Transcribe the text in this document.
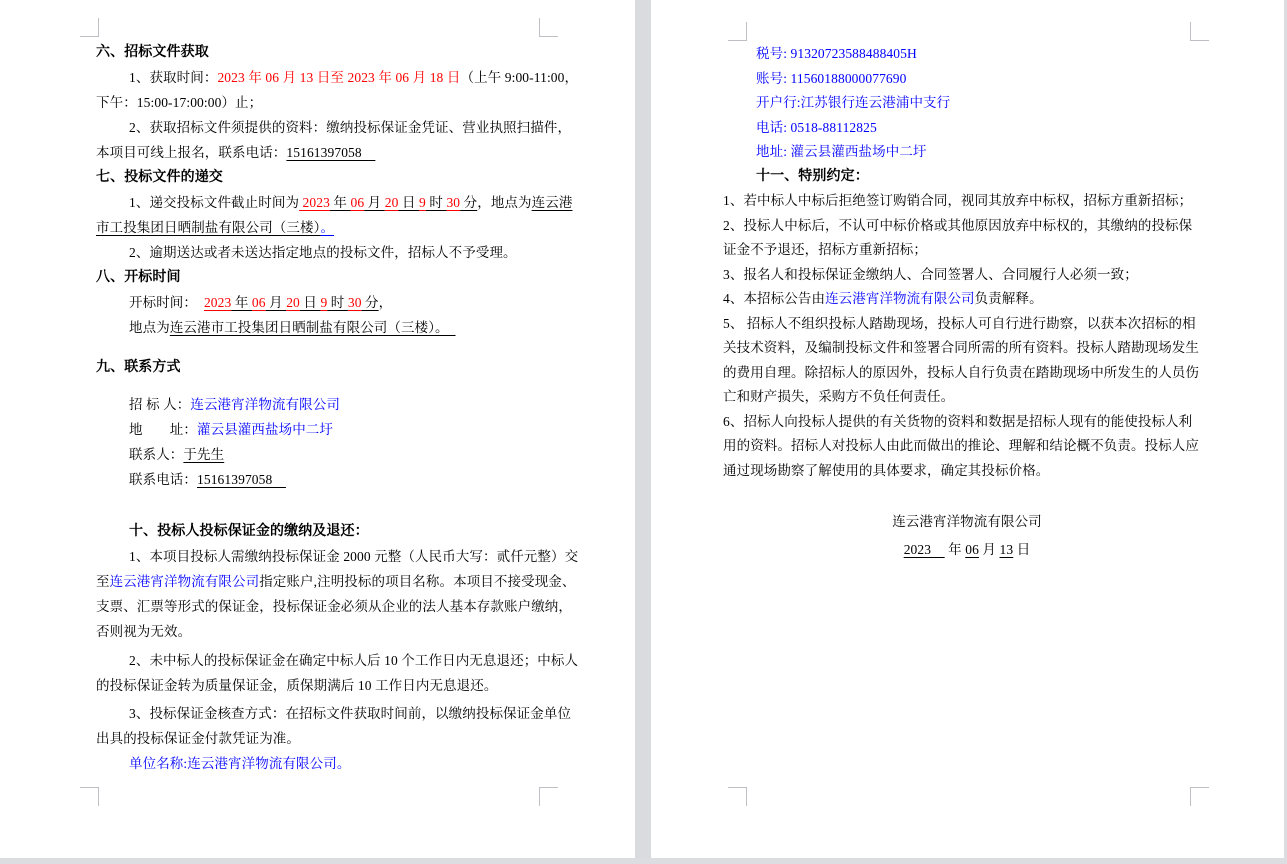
六、招标文件获取
1、获取时间：2023 年 06 月 13 日至 2023 年 06 月 18 日（上午 9:00-11:00，
下午：15:00-17:00:00）止；
2、获取招标文件须提供的资料：缴纳投标保证金凭证、营业执照扫描件，
本项目可线上报名，联系电话：15161397058　
七、投标文件的递交
1、递交投标文件截止时间为 2023 年 06 月 20 日 9 时 30 分，地点为连云港
市工投集团日晒制盐有限公司（三楼）。
2、逾期送达或者未送达指定地点的投标文件，招标人不予受理。
八、开标时间
开标时间：  2023 年 06 月 20 日 9 时 30 分，
地点为连云港市工投集团日晒制盐有限公司（三楼）。　
九、联系方式
招 标 人：连云港宵洋物流有限公司
地　　址：灌云县灌西盐场中二圩
联系人：于先生
联系电话：15161397058　
十、投标人投标保证金的缴纳及退还：
1、本项目投标人需缴纳投标保证金 2000 元整（人民币大写：贰仟元整）交
至连云港宵洋物流有限公司指定账户,注明投标的项目名称。本项目不接受现金、
支票、汇票等形式的保证金，投标保证金必须从企业的法人基本存款账户缴纳，
否则视为无效。
2、未中标人的投标保证金在确定中标人后 10 个工作日内无息退还；中标人
的投标保证金转为质量保证金，质保期满后 10 工作日内无息退还。
3、投标保证金核查方式：在招标文件获取时间前，以缴纳投标保证金单位
出具的投标保证金付款凭证为准。
单位名称:连云港宵洋物流有限公司。
税号: 91320723588488405H
账号: 11560188000077690
开户行:江苏银行连云港浦中支行
电话: 0518-88112825
地址: 灌云县灌西盐场中二圩
十一、特别约定：
1、若中标人中标后拒绝签订购销合同，视同其放弃中标权，招标方重新招标；
2、投标人中标后，不认可中标价格或其他原因放弃中标权的，其缴纳的投标保
证金不予退还，招标方重新招标；
3、报名人和投标保证金缴纳人、合同签署人、合同履行人必须一致；
4、本招标公告由连云港宵洋物流有限公司负责解释。
5、 招标人不组织投标人踏勘现场，投标人可自行进行勘察，以获本次招标的相
关技术资料，及编制投标文件和签署合同所需的所有资料。投标人踏勘现场发生
的费用自理。除招标人的原因外，投标人自行负责在踏勘现场中所发生的人员伤
亡和财产损失，采购方不负任何责任。
6、招标人向投标人提供的有关货物的资料和数据是招标人现有的能使投标人利
用的资料。招标人对投标人由此而做出的推论、理解和结论概不负责。投标人应
通过现场勘察了解使用的具体要求，确定其投标价格。
连云港宵洋物流有限公司
2023　 年 06 月 13 日
